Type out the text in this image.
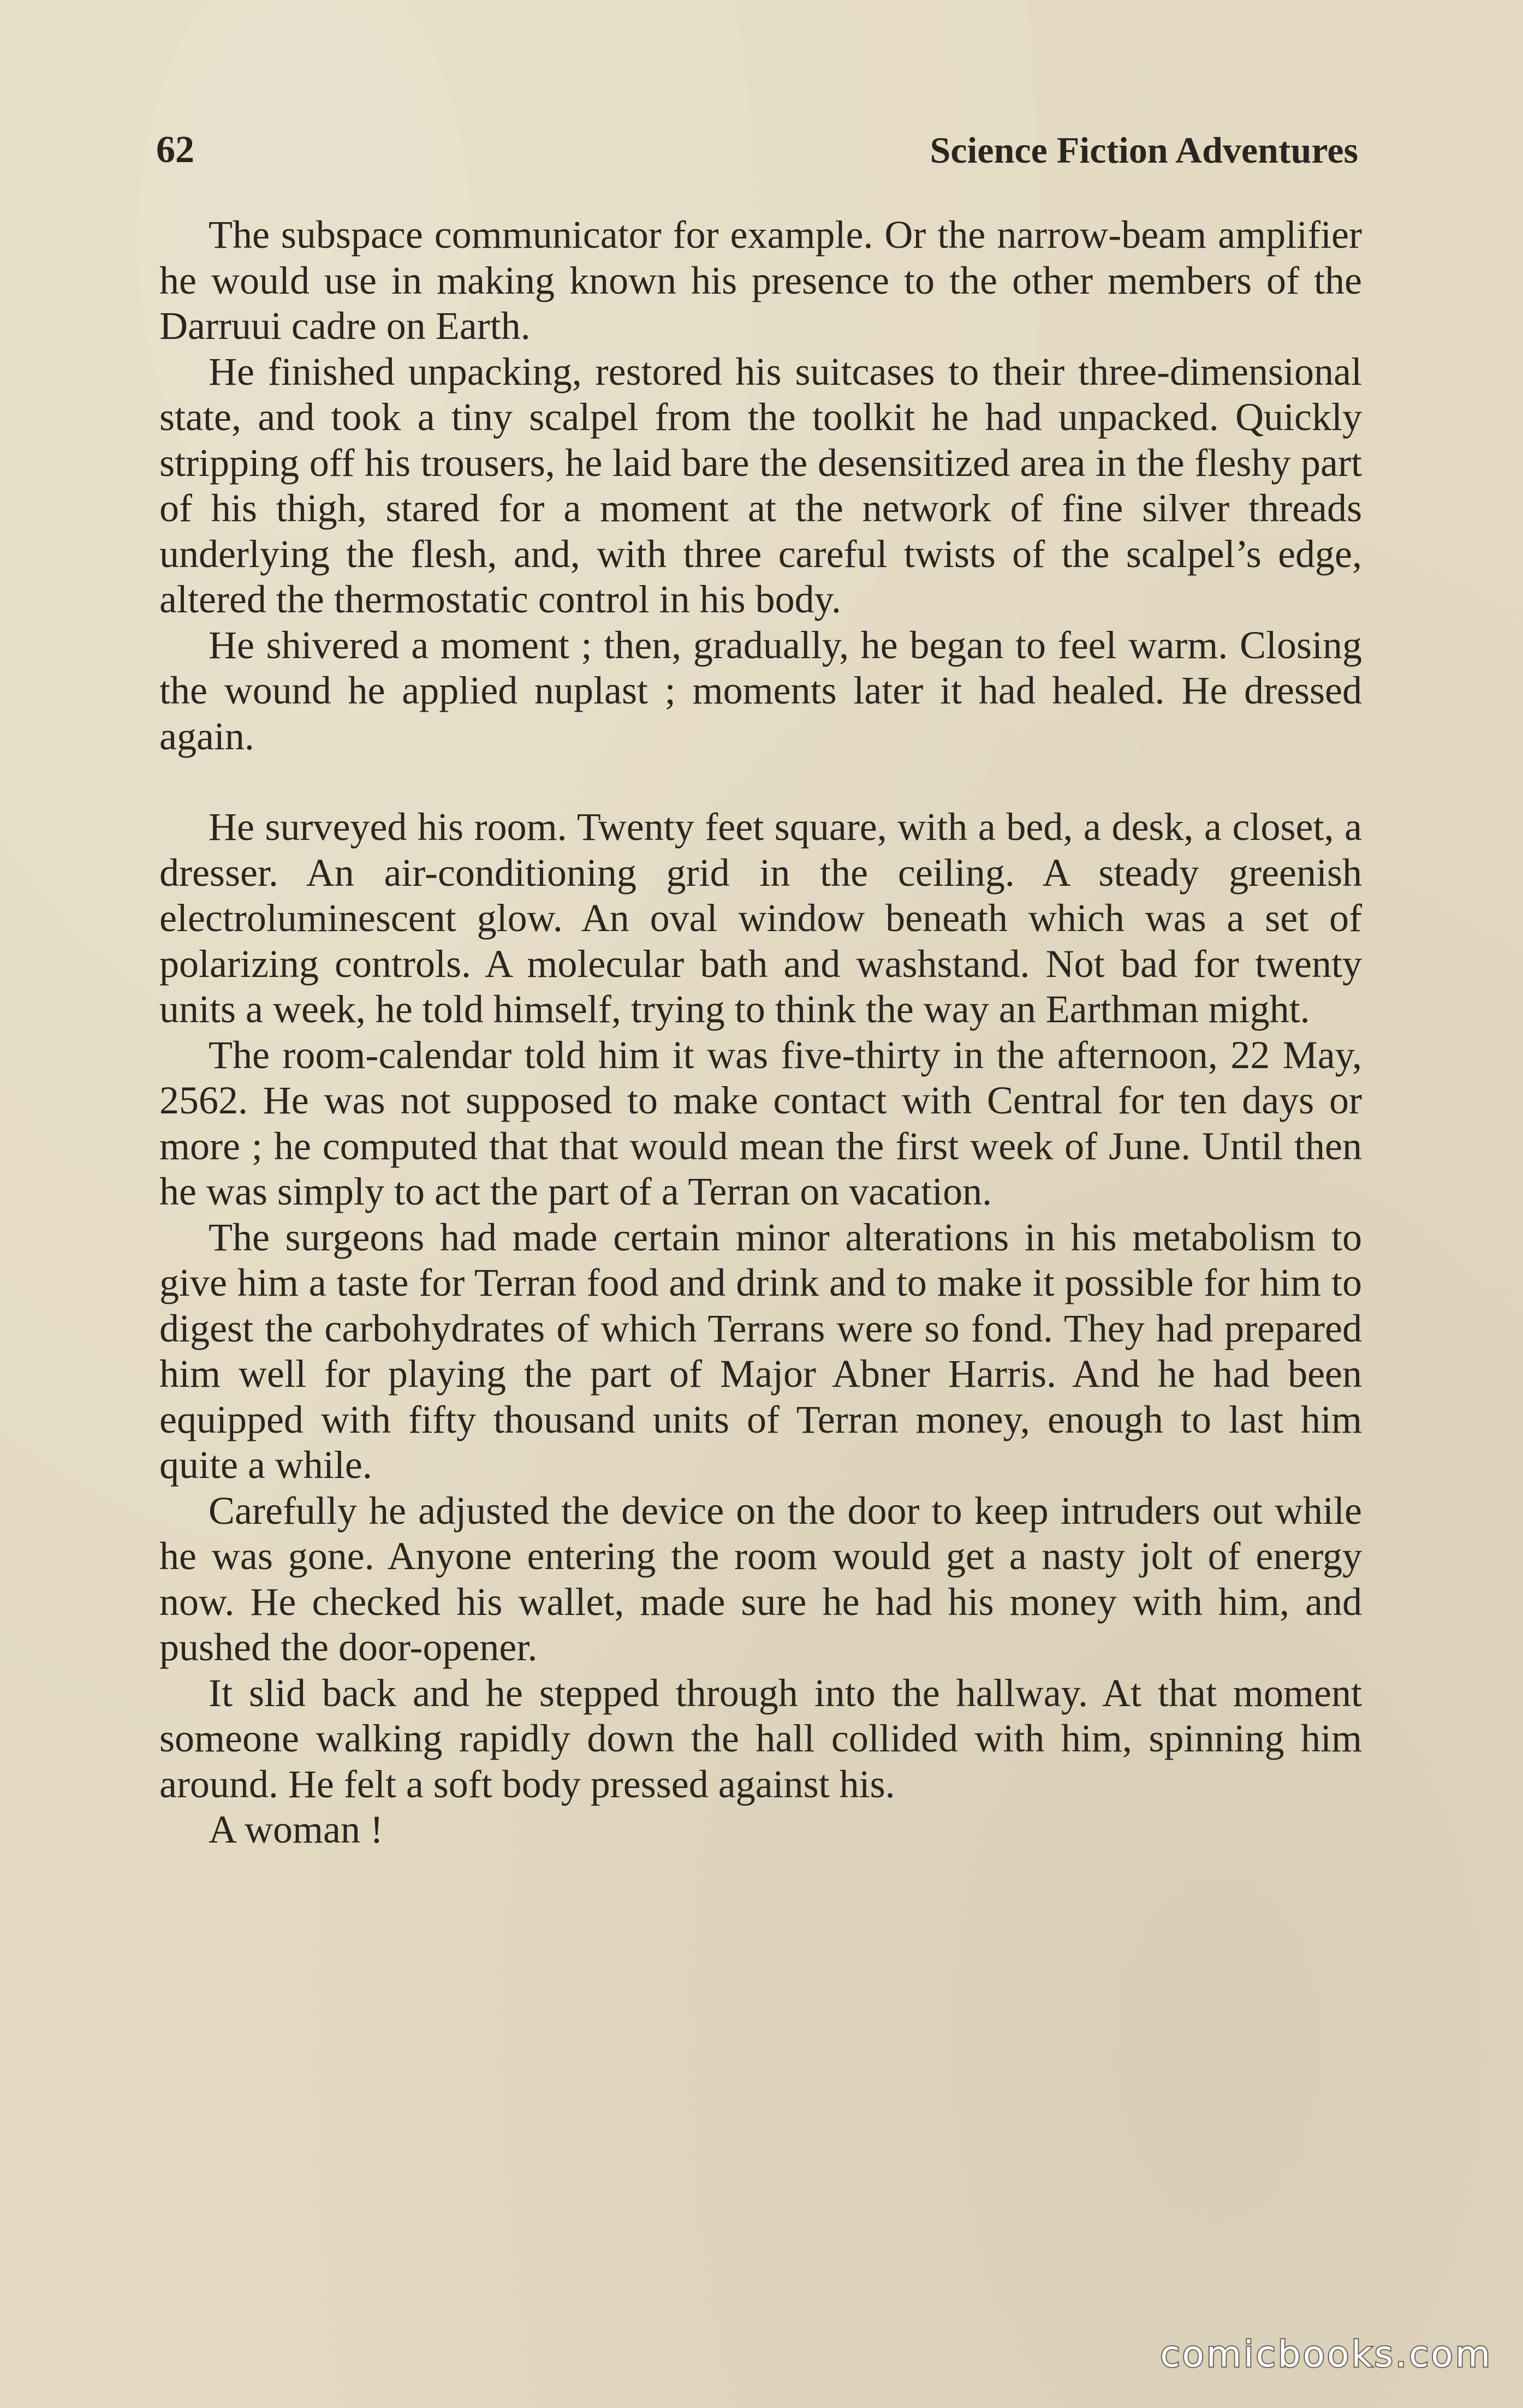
62	Science Fiction Adventures

The subspace communicator for example. Or the narrow-beam amplifier he would use in making known his presence to the other members of the Darruui cadre on Earth.

He finished unpacking, restored his suitcases to their three-dimensional state, and took a tiny scalpel from the toolkit he had unpacked. Quickly stripping off his trousers, he laid bare the desensitized area in the fleshy part of his thigh, stared for a moment at the network of fine silver threads underlying the flesh, and, with three careful twists of the scalpel’s edge, altered the thermostatic control in his body.

He shivered a moment ; then, gradually, he began to feel warm. Closing the wound he applied nuplast ; moments later it had healed. He dressed again.

He surveyed his room. Twenty feet square, with a bed, a desk, a closet, a dresser. An air-conditioning grid in the ceiling. A steady greenish electroluminescent glow. An oval window beneath which was a set of polarizing controls. A molecular bath and washstand. Not bad for twenty units a week, he told himself, trying to think the way an Earthman might.

The room-calendar told him it was five-thirty in the afternoon, 22 May, 2562. He was not supposed to make contact with Central for ten days or more ; he computed that that would mean the first week of June. Until then he was simply to act the part of a Terran on vacation.

The surgeons had made certain minor alterations in his metabolism to give him a taste for Terran food and drink and to make it possible for him to digest the carbohydrates of which Terrans were so fond. They had prepared him well for playing the part of Major Abner Harris. And he had been equipped with fifty thousand units of Terran money, enough to last him quite a while.

Carefully he adjusted the device on the door to keep intruders out while he was gone. Anyone entering the room would get a nasty jolt of energy now. He checked his wallet, made sure he had his money with him, and pushed the door-opener.

It slid back and he stepped through into the hallway. At that moment someone walking rapidly down the hall collided with him, spinning him around. He felt a soft body pressed against his.

A woman !

comicbooks.com
